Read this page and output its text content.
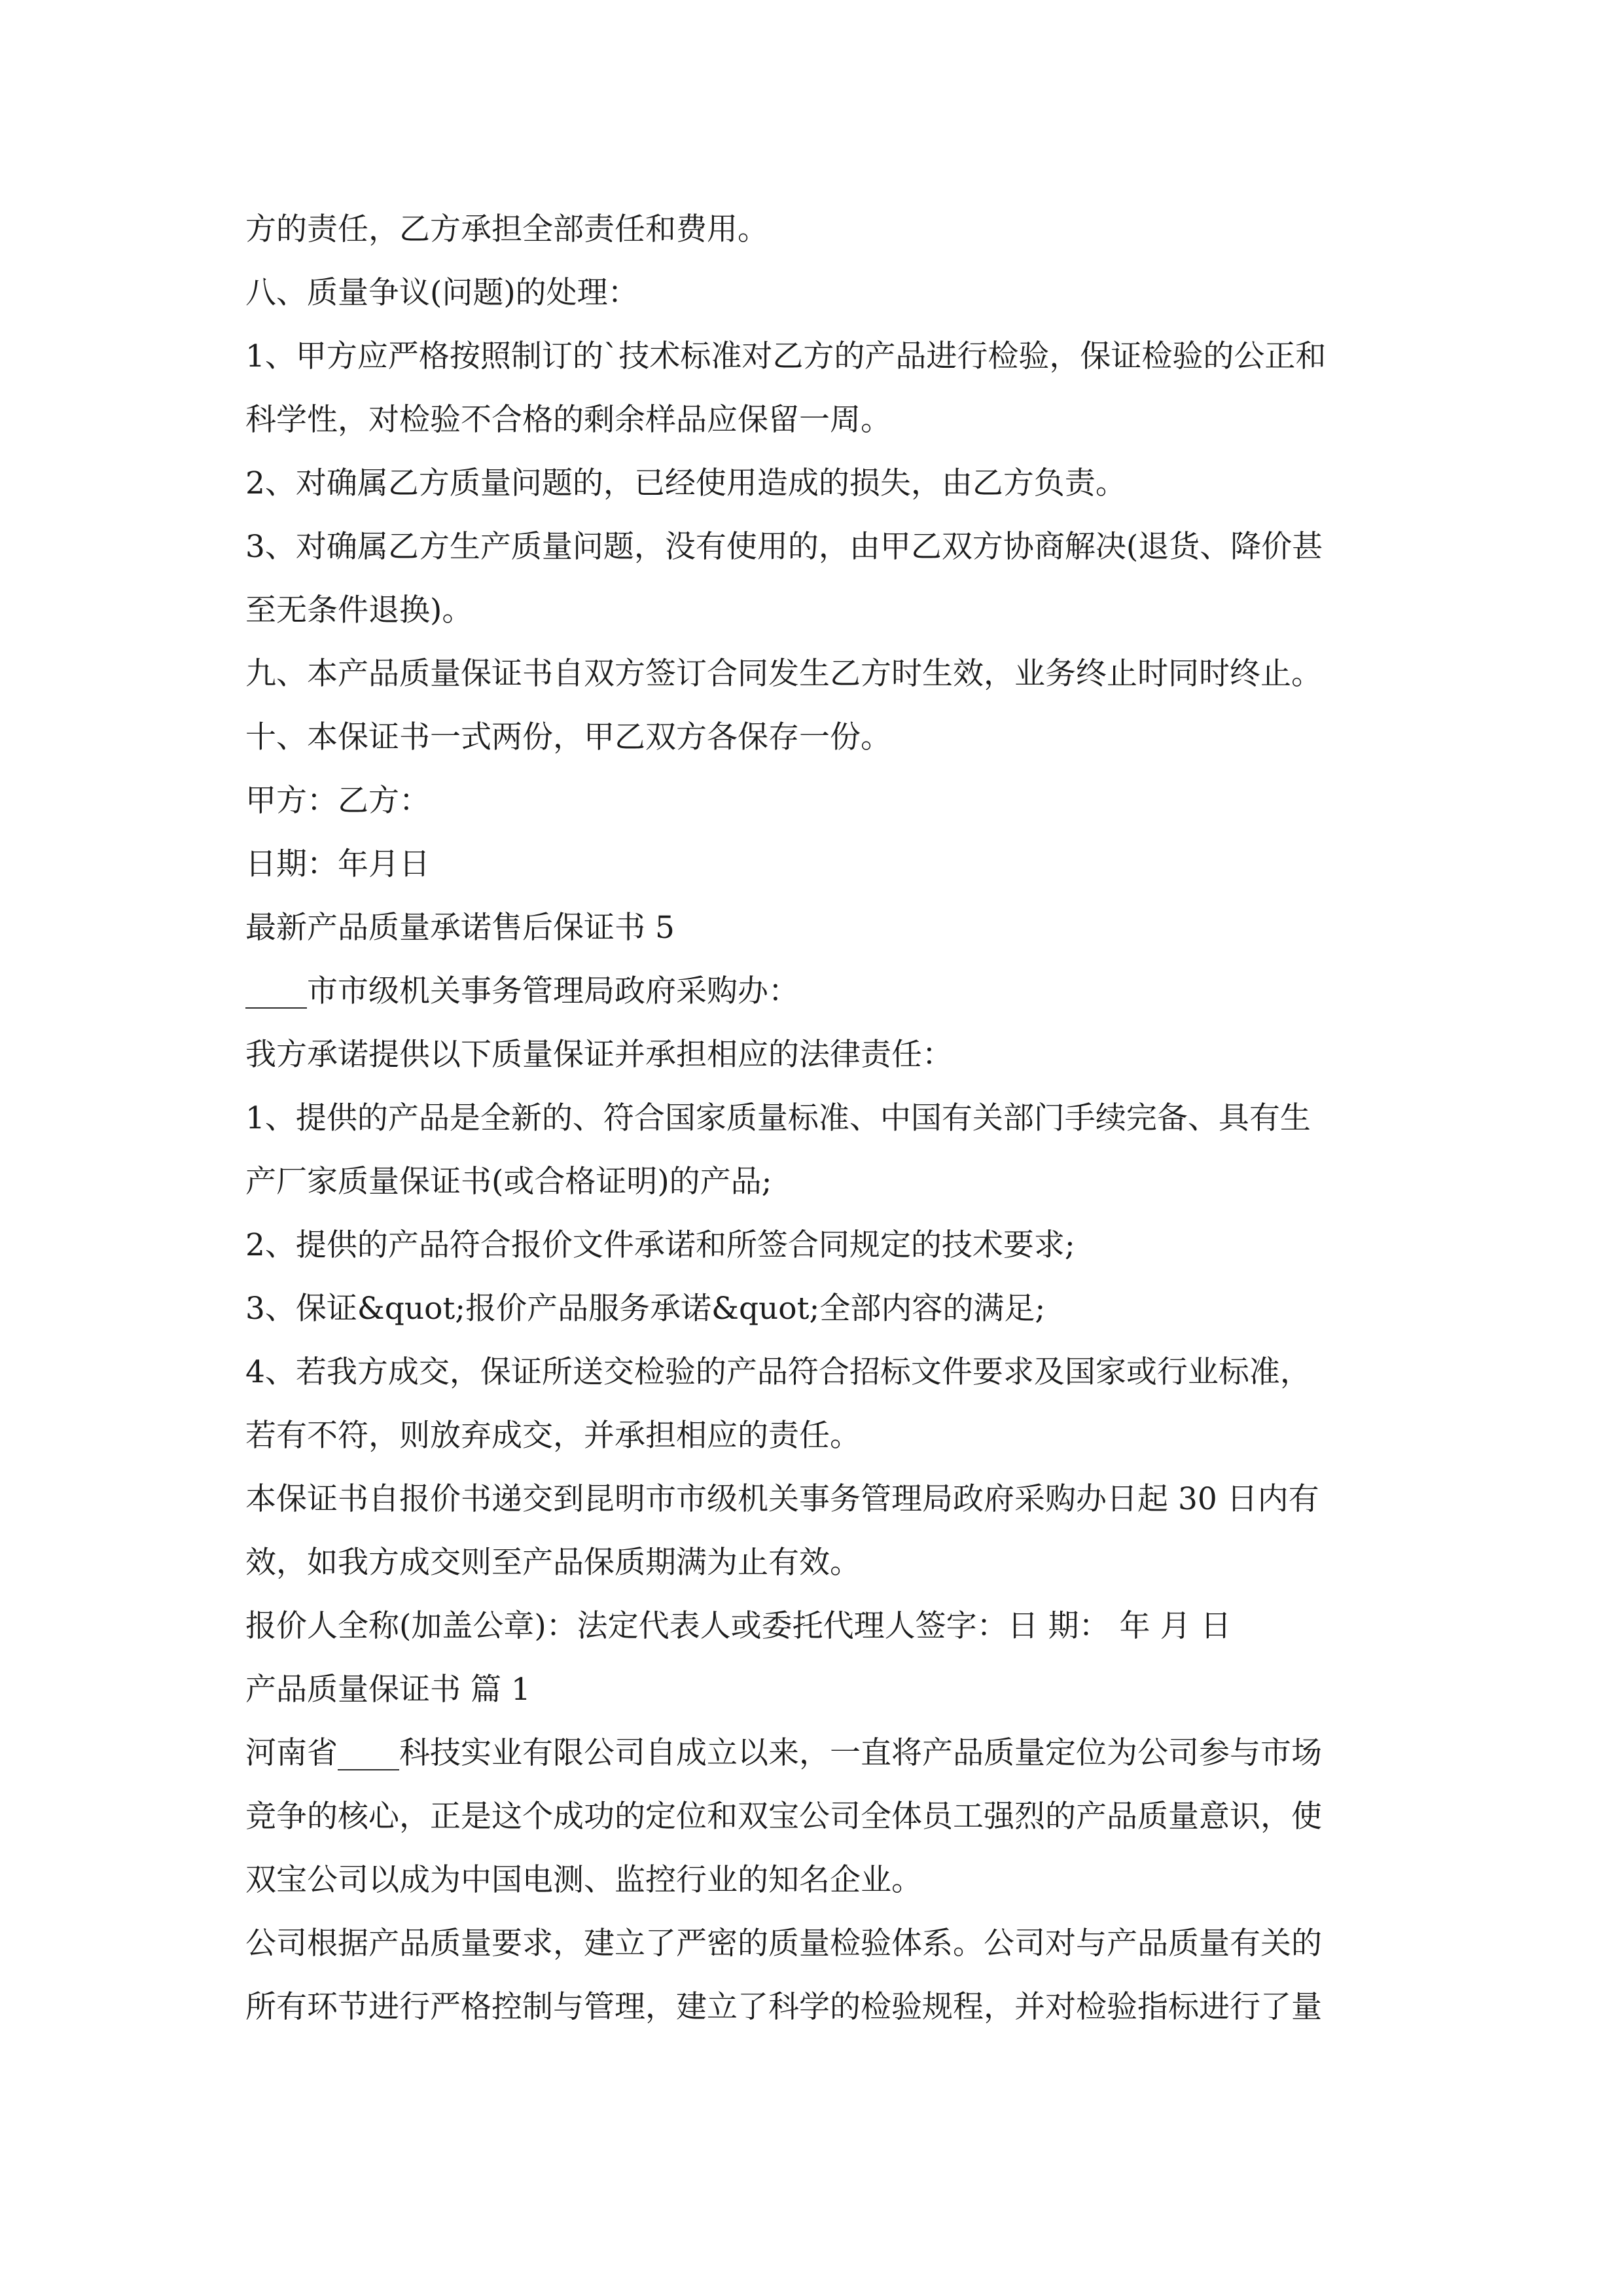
方的责任，乙方承担全部责任和费用。
八、质量争议(问题)的处理：
1、甲方应严格按照制订的`技术标准对乙方的产品进行检验，保证检验的公正和
科学性，对检验不合格的剩余样品应保留一周。
2、对确属乙方质量问题的，已经使用造成的损失，由乙方负责。
3、对确属乙方生产质量问题，没有使用的，由甲乙双方协商解决(退货、降价甚
至无条件退换)。
九、本产品质量保证书自双方签订合同发生乙方时生效，业务终止时同时终止。
十、本保证书一式两份，甲乙双方各保存一份。
甲方：乙方：
日期：年月日
最新产品质量承诺售后保证书 5
____市市级机关事务管理局政府采购办：
我方承诺提供以下质量保证并承担相应的法律责任：
1、提供的产品是全新的、符合国家质量标准、中国有关部门手续完备、具有生
产厂家质量保证书(或合格证明)的产品;
2、提供的产品符合报价文件承诺和所签合同规定的技术要求;
3、保证&quot;报价产品服务承诺&quot;全部内容的满足;
4、若我方成交，保证所送交检验的产品符合招标文件要求及国家或行业标准，
若有不符，则放弃成交，并承担相应的责任。
本保证书自报价书递交到昆明市市级机关事务管理局政府采购办日起 30 日内有
效，如我方成交则至产品保质期满为止有效。
报价人全称(加盖公章)：法定代表人或委托代理人签字：日 期： 年 月 日
产品质量保证书 篇 1
河南省____科技实业有限公司自成立以来，一直将产品质量定位为公司参与市场
竞争的核心，正是这个成功的定位和双宝公司全体员工强烈的产品质量意识，使
双宝公司以成为中国电测、监控行业的知名企业。
公司根据产品质量要求，建立了严密的质量检验体系。公司对与产品质量有关的
所有环节进行严格控制与管理，建立了科学的检验规程，并对检验指标进行了量
